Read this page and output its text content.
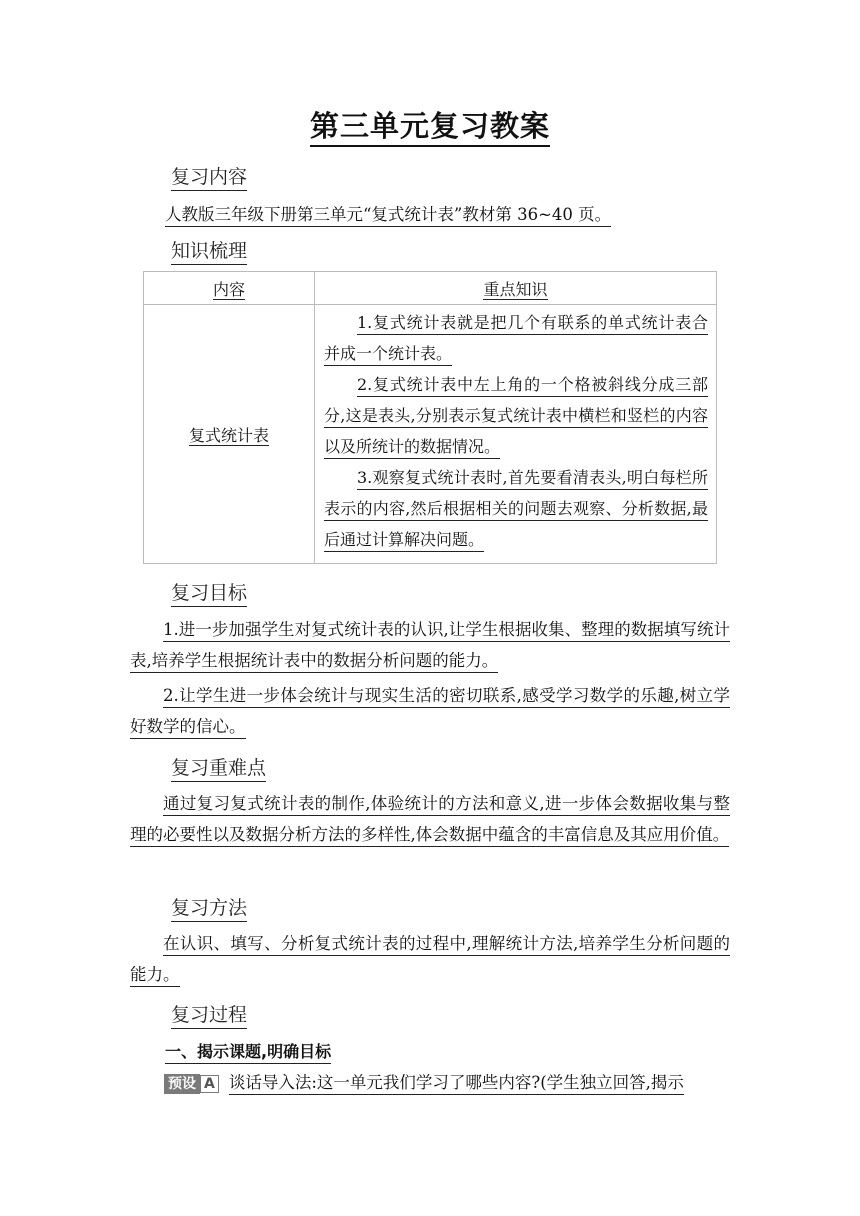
第三单元复习教案
复习内容
人教版三年级下册第三单元“复式统计表”教材第 36~40 页。
知识梳理
内容	重点知识
复式统计表	1.复式统计表就是把几个有联系的单式统计表合并成一个统计表。
2.复式统计表中左上角的一个格被斜线分成三部分,这是表头,分别表示复式统计表中横栏和竖栏的内容以及所统计的数据情况。
3.观察复式统计表时,首先要看清表头,明白每栏所表示的内容,然后根据相关的问题去观察、分析数据,最后通过计算解决问题。
复习目标
1.进一步加强学生对复式统计表的认识,让学生根据收集、整理的数据填写统计表,培养学生根据统计表中的数据分析问题的能力。
2.让学生进一步体会统计与现实生活的密切联系,感受学习数学的乐趣,树立学好数学的信心。
复习重难点
通过复习复式统计表的制作,体验统计的方法和意义,进一步体会数据收集与整理的必要性以及数据分析方法的多样性,体会数据中蕴含的丰富信息及其应用价值。
复习方法
在认识、填写、分析复式统计表的过程中,理解统计方法,培养学生分析问题的能力。
复习过程
一、揭示课题,明确目标
预设 A 谈话导入法:这一单元我们学习了哪些内容?(学生独立回答,揭示
